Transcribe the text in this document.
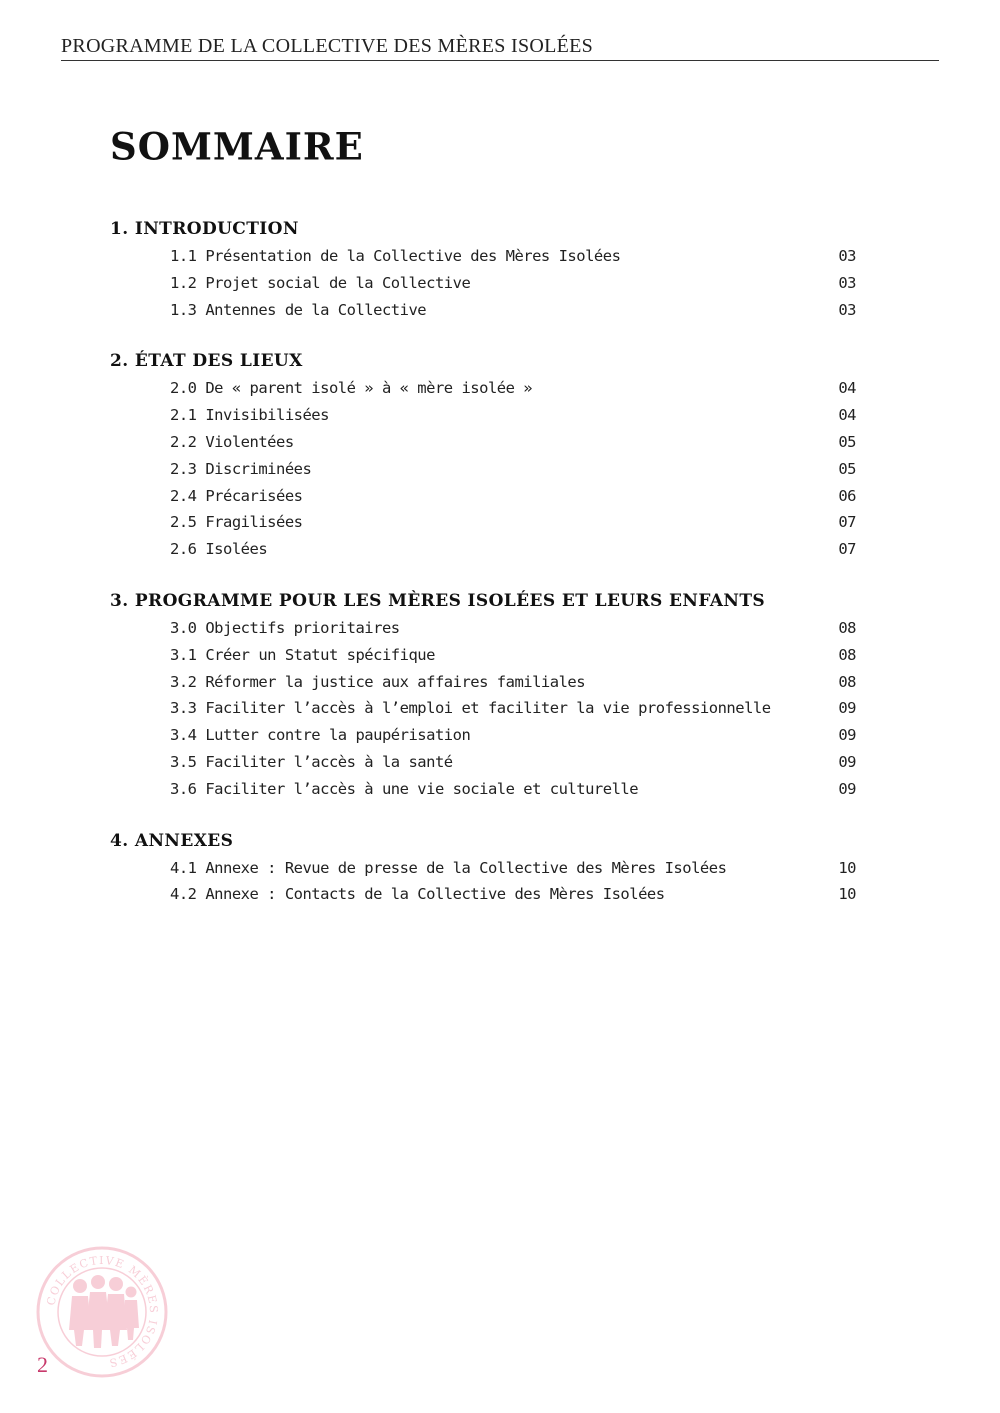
PROGRAMME DE LA COLLECTIVE DES MÈRES ISOLÉES
SOMMAIRE
1. INTRODUCTION
1.1 Présentation de la Collective des Mères Isolées	03
1.2 Projet social de la Collective	03
1.3 Antennes de la Collective	03
2. ÉTAT DES LIEUX
2.0 De « parent isolé » à « mère isolée »	04
2.1 Invisibilisées	04
2.2 Violentées	05
2.3 Discriminées	05
2.4 Précarisées	06
2.5 Fragilisées	07
2.6 Isolées	07
3. PROGRAMME POUR LES MÈRES ISOLÉES ET LEURS ENFANTS
3.0 Objectifs prioritaires	08
3.1 Créer un Statut spécifique	08
3.2 Réformer la justice aux affaires familiales	08
3.3 Faciliter l’accès à l’emploi et faciliter la vie professionnelle	09
3.4 Lutter contre la paupérisation	09
3.5 Faciliter l’accès à la santé	09
3.6 Faciliter l’accès à une vie sociale et culturelle	09
4. ANNEXES
4.1 Annexe : Revue de presse de la Collective des Mères Isolées	10
4.2 Annexe : Contacts de la Collective des Mères Isolées	10
COLLECTIVE MÈRES ISOLÉES
2
